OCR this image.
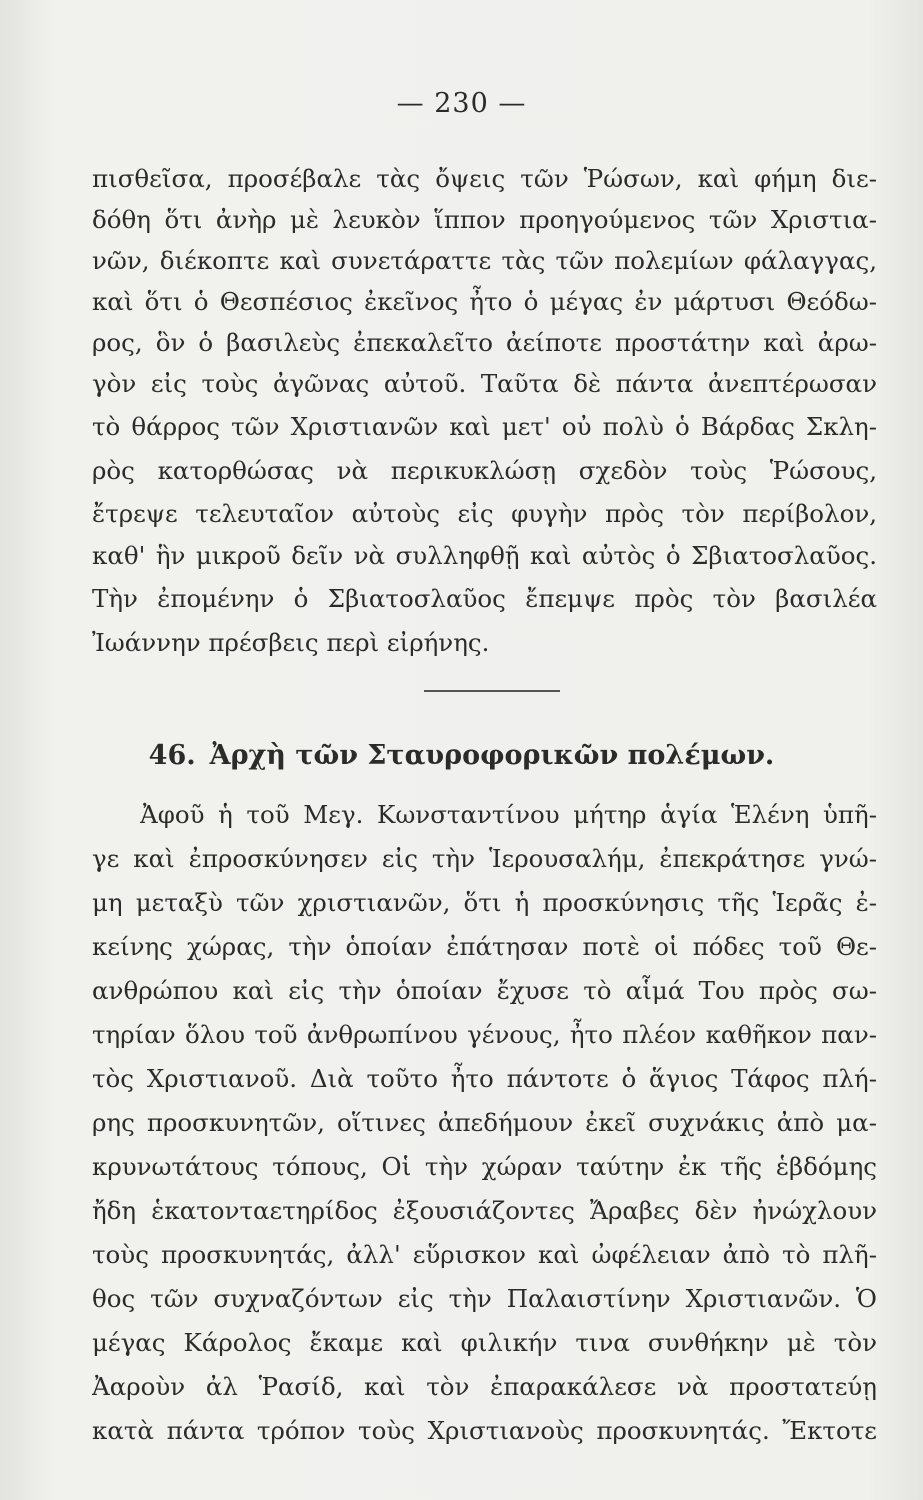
— 230 —
πισθεῖσα, προσέβαλε τὰς ὄψεις τῶν Ῥώσων, καὶ φήμη διε-
δόθη ὅτι ἀνὴρ μὲ λευκὸν ἵππον προηγούμενος τῶν Χριστια-
νῶν, διέκοπτε καὶ συνετάραττε τὰς τῶν πολεμίων φάλαγγας,
καὶ ὅτι ὁ Θεσπέσιος ἐκεῖνος ἦτο ὁ μέγας ἐν μάρτυσι Θεόδω-
ρος, ὃν ὁ βασιλεὺς ἐπεκαλεῖτο ἀείποτε προστάτην καὶ ἀρω-
γὸν εἰς τοὺς ἀγῶνας αὐτοῦ. Ταῦτα δὲ πάντα ἀνεπτέρωσαν
τὸ θάρρος τῶν Χριστιανῶν καὶ μετ' οὐ πολὺ ὁ Βάρδας Σκλη-
ρὸς κατορθώσας νὰ περικυκλώσῃ σχεδὸν τοὺς Ῥώσους,
ἔτρεψε τελευταῖον αὐτοὺς εἰς φυγὴν πρὸς τὸν περίβολον,
καθ' ἣν μικροῦ δεῖν νὰ συλληφθῇ καὶ αὐτὸς ὁ Σβιατοσλαῦος.
Τὴν ἐπομένην ὁ Σβιατοσλαῦος ἔπεμψε πρὸς τὸν βασιλέα
Ἰωάννην πρέσβεις περὶ εἰρήνης.
46. Ἀρχὴ τῶν Σταυροφορικῶν πολέμων.
Ἀφοῦ ἡ τοῦ Μεγ. Κωνσταντίνου μήτηρ ἁγία Ἑλένη ὑπῆ-
γε καὶ ἐπροσκύνησεν εἰς τὴν Ἱερουσαλήμ, ἐπεκράτησε γνώ-
μη μεταξὺ τῶν χριστιανῶν, ὅτι ἡ προσκύνησις τῆς Ἱερᾶς ἐ-
κείνης χώρας, τὴν ὁποίαν ἐπάτησαν ποτὲ οἱ πόδες τοῦ Θε-
ανθρώπου καὶ εἰς τὴν ὁποίαν ἔχυσε τὸ αἷμά Του πρὸς σω-
τηρίαν ὅλου τοῦ ἀνθρωπίνου γένους, ἦτο πλέον καθῆκον παν-
τὸς Χριστιανοῦ. Διὰ τοῦτο ἦτο πάντοτε ὁ ἅγιος Τάφος πλή-
ρης προσκυνητῶν, οἵτινες ἀπεδήμουν ἐκεῖ συχνάκις ἀπὸ μα-
κρυνωτάτους τόπους, Οἱ τὴν χώραν ταύτην ἐκ τῆς ἑβδόμης
ἤδη ἑκατονταετηρίδος ἐξουσιάζοντες Ἄραβες δὲν ἠνώχλουν
τοὺς προσκυνητάς, ἀλλ' εὕρισκον καὶ ὠφέλειαν ἀπὸ τὸ πλῆ-
θος τῶν συχναζόντων εἰς τὴν Παλαιστίνην Χριστιανῶν. Ὁ
μέγας Κάρολος ἔκαμε καὶ φιλικήν τινα συνθήκην μὲ τὸν
Ἀαροὺν ἀλ Ῥασίδ, καὶ τὸν ἐπαρακάλεσε νὰ προστατεύῃ
κατὰ πάντα τρόπον τοὺς Χριστιανοὺς προσκυνητάς. Ἔκτοτε
